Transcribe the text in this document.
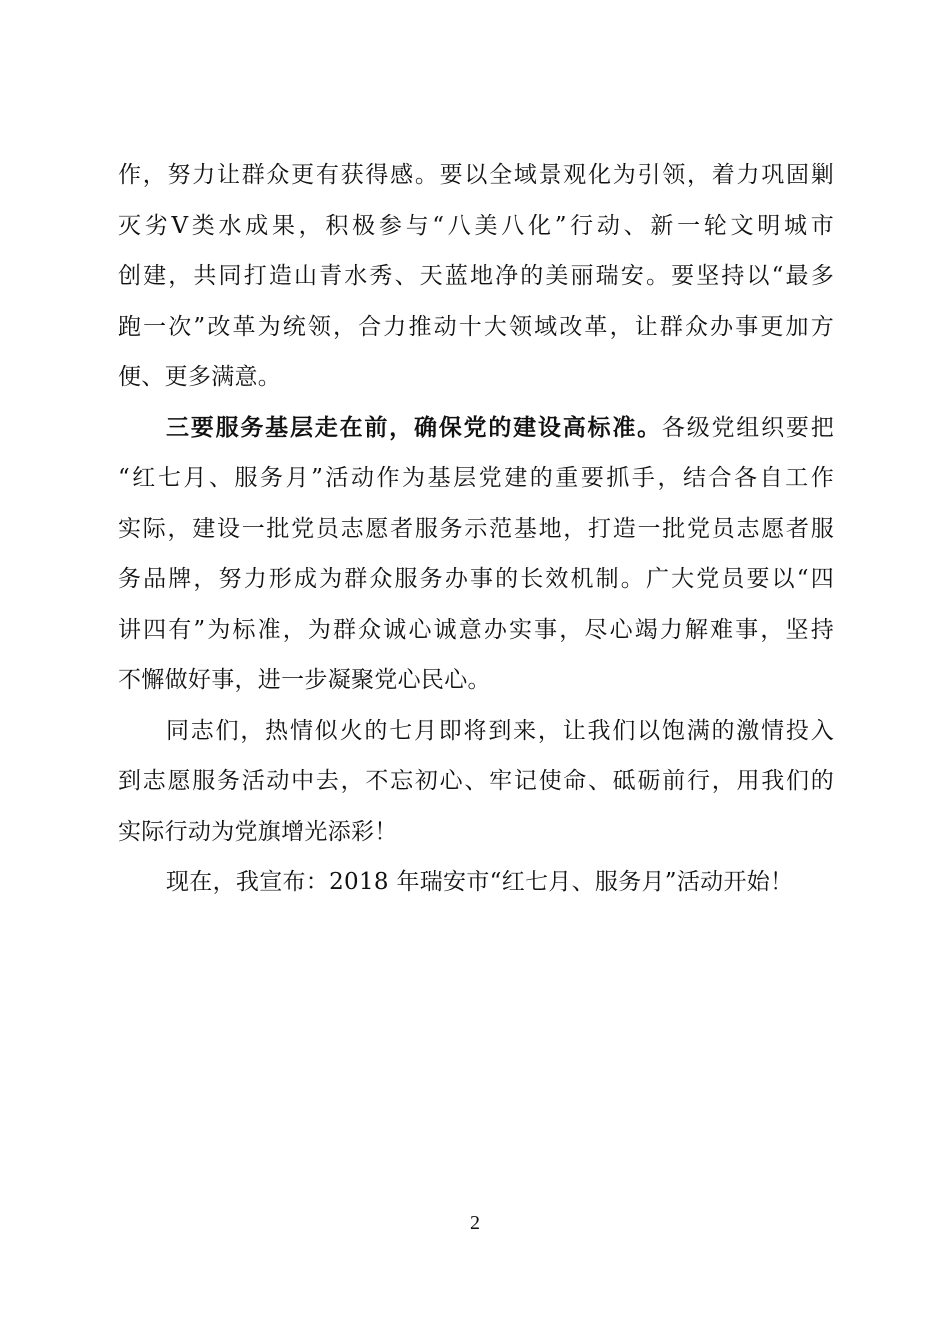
作，努力让群众更有获得感。要以全域景观化为引领，着力巩固剿
灭劣Ⅴ类水成果，积极参与“八美八化”行动、新一轮文明城市
创建，共同打造山青水秀、天蓝地净的美丽瑞安。要坚持以“最多
跑一次”改革为统领，合力推动十大领域改革，让群众办事更加方
便、更多满意。
三要服务基层走在前，确保党的建设高标准。各级党组织要把
“红七月、服务月”活动作为基层党建的重要抓手，结合各自工作
实际，建设一批党员志愿者服务示范基地，打造一批党员志愿者服
务品牌，努力形成为群众服务办事的长效机制。广大党员要以“四
讲四有”为标准，为群众诚心诚意办实事，尽心竭力解难事，坚持
不懈做好事，进一步凝聚党心民心。
同志们，热情似火的七月即将到来，让我们以饱满的激情投入
到志愿服务活动中去，不忘初心、牢记使命、砥砺前行，用我们的
实际行动为党旗增光添彩！
现在，我宣布：2018 年瑞安市“红七月、服务月”活动开始！
2
